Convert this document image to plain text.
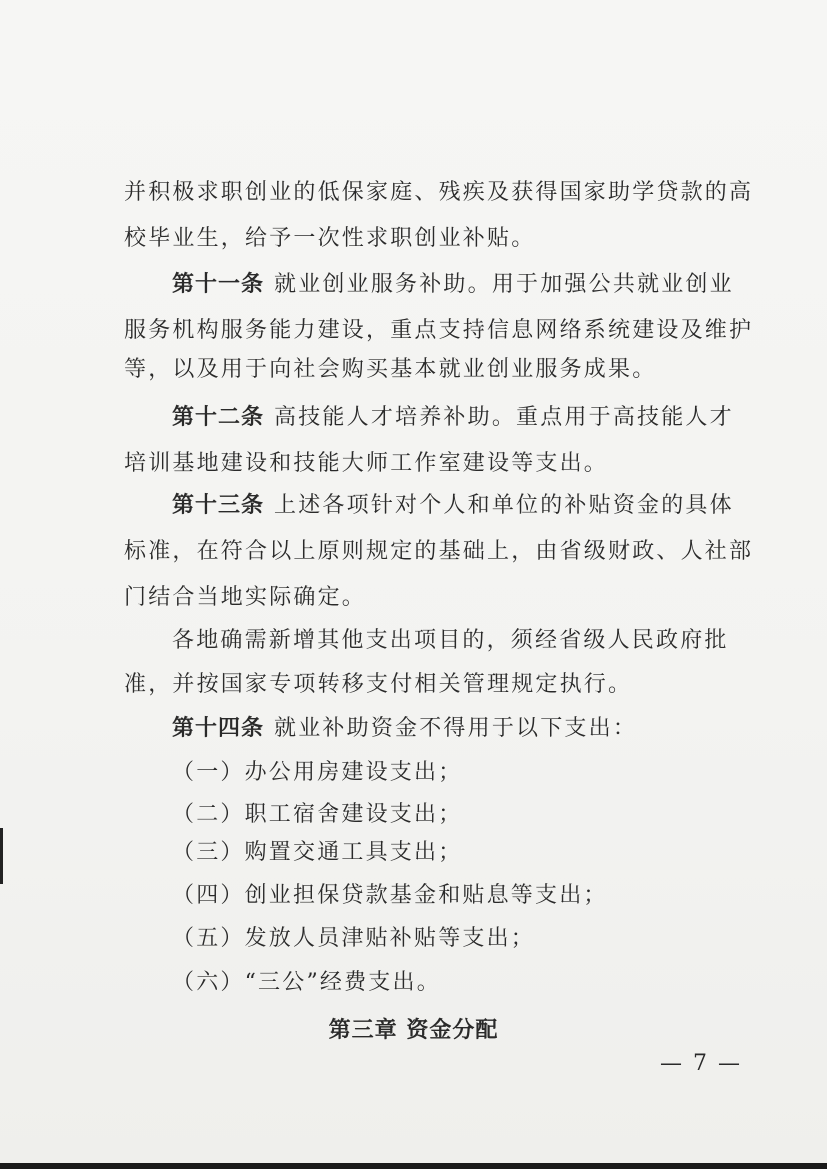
并积极求职创业的低保家庭、残疾及获得国家助学贷款的高
校毕业生，给予一次性求职创业补贴。
第十一条 就业创业服务补助。用于加强公共就业创业
服务机构服务能力建设，重点支持信息网络系统建设及维护
等，以及用于向社会购买基本就业创业服务成果。
第十二条 高技能人才培养补助。重点用于高技能人才
培训基地建设和技能大师工作室建设等支出。
第十三条 上述各项针对个人和单位的补贴资金的具体
标准，在符合以上原则规定的基础上，由省级财政、人社部
门结合当地实际确定。
各地确需新增其他支出项目的，须经省级人民政府批
准，并按国家专项转移支付相关管理规定执行。
第十四条 就业补助资金不得用于以下支出：
（一）办公用房建设支出；
（二）职工宿舍建设支出；
（三）购置交通工具支出；
（四）创业担保贷款基金和贴息等支出；
（五）发放人员津贴补贴等支出；
（六）“三公”经费支出。
第三章 资金分配
— 7 —
